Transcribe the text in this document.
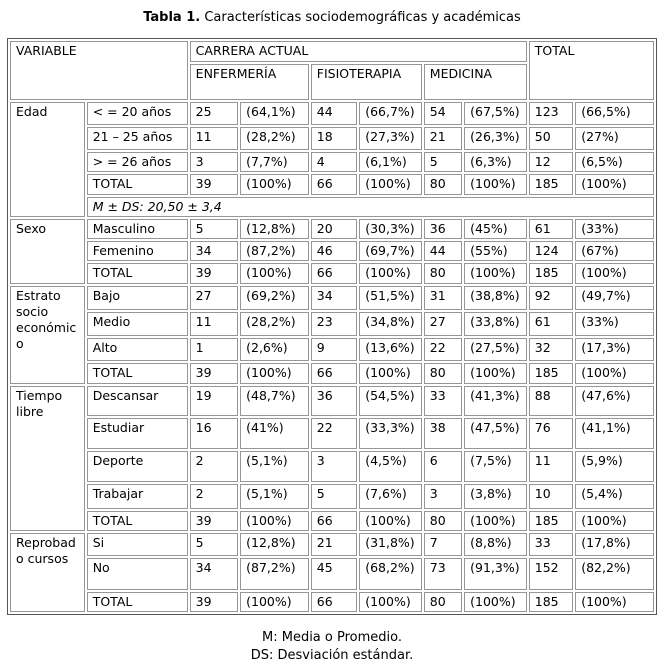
Tabla 1. Características sociodemográficas y académicas

VARIABLE		CARRERA ACTUAL						TOTAL	
		ENFERMERÍA		FISIOTERAPIA		MEDICINA			
Edad	< = 20 años	25	(64,1%)	44	(66,7%)	54	(67,5%)	123	(66,5%)
	21 – 25 años	11	(28,2%)	18	(27,3%)	21	(26,3%)	50	(27%)
	> = 26 años	3	(7,7%)	4	(6,1%)	5	(6,3%)	12	(6,5%)
	TOTAL	39	(100%)	66	(100%)	80	(100%)	185	(100%)
	M ± DS: 20,50 ± 3,4								
Sexo	Masculino	5	(12,8%)	20	(30,3%)	36	(45%)	61	(33%)
	Femenino	34	(87,2%)	46	(69,7%)	44	(55%)	124	(67%)
	TOTAL	39	(100%)	66	(100%)	80	(100%)	185	(100%)
Estrato socio económico	Bajo	27	(69,2%)	34	(51,5%)	31	(38,8%)	92	(49,7%)
	Medio	11	(28,2%)	23	(34,8%)	27	(33,8%)	61	(33%)
	Alto	1	(2,6%)	9	(13,6%)	22	(27,5%)	32	(17,3%)
	TOTAL	39	(100%)	66	(100%)	80	(100%)	185	(100%)
Tiempo libre	Descansar	19	(48,7%)	36	(54,5%)	33	(41,3%)	88	(47,6%)
	Estudiar	16	(41%)	22	(33,3%)	38	(47,5%)	76	(41,1%)
	Deporte	2	(5,1%)	3	(4,5%)	6	(7,5%)	11	(5,9%)
	Trabajar	2	(5,1%)	5	(7,6%)	3	(3,8%)	10	(5,4%)
	TOTAL	39	(100%)	66	(100%)	80	(100%)	185	(100%)
Reprobado cursos	Si	5	(12,8%)	21	(31,8%)	7	(8,8%)	33	(17,8%)
	No	34	(87,2%)	45	(68,2%)	73	(91,3%)	152	(82,2%)
	TOTAL	39	(100%)	66	(100%)	80	(100%)	185	(100%)
M: Media o Promedio.
DS: Desviación estándar.
